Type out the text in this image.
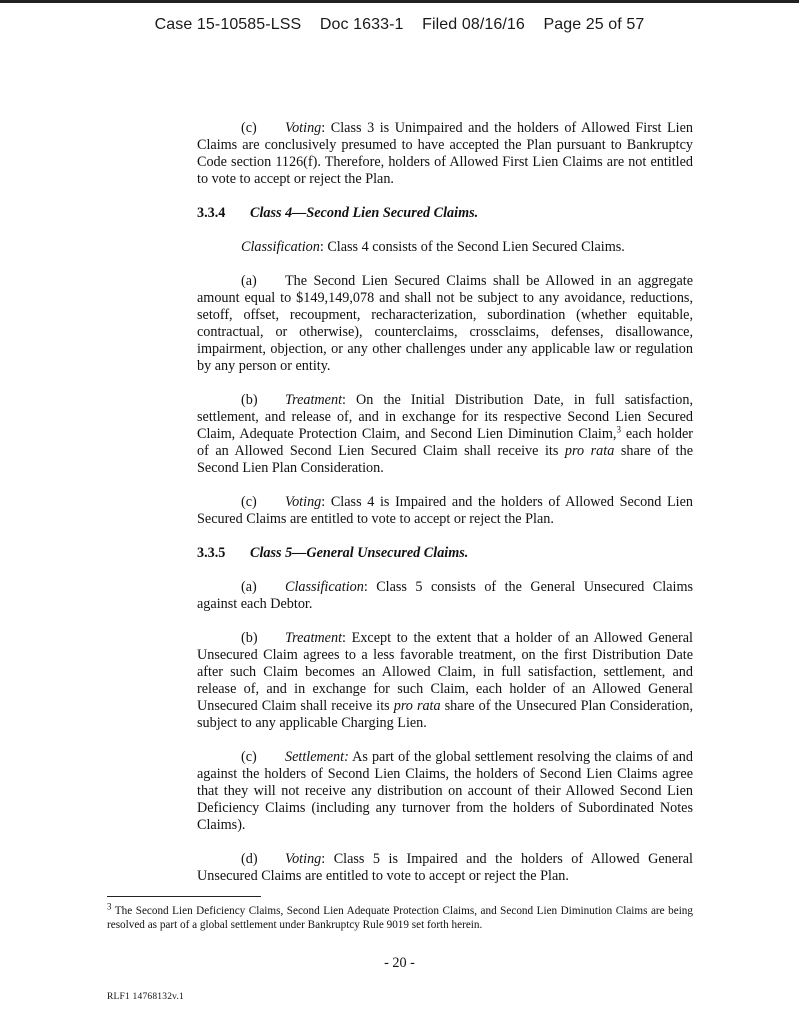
Case 15-10585-LSS Doc 1633-1 Filed 08/16/16 Page 25 of 57

(c) Voting: Class 3 is Unimpaired and the holders of Allowed First Lien Claims are conclusively presumed to have accepted the Plan pursuant to Bankruptcy Code section 1126(f). Therefore, holders of Allowed First Lien Claims are not entitled to vote to accept or reject the Plan.

3.3.4 Class 4—Second Lien Secured Claims.

Classification: Class 4 consists of the Second Lien Secured Claims.

(a) The Second Lien Secured Claims shall be Allowed in an aggregate amount equal to $149,149,078 and shall not be subject to any avoidance, reductions, setoff, offset, recoupment, recharacterization, subordination (whether equitable, contractual, or otherwise), counterclaims, crossclaims, defenses, disallowance, impairment, objection, or any other challenges under any applicable law or regulation by any person or entity.

(b) Treatment: On the Initial Distribution Date, in full satisfaction, settlement, and release of, and in exchange for its respective Second Lien Secured Claim, Adequate Protection Claim, and Second Lien Diminution Claim,$^3$ each holder of an Allowed Second Lien Secured Claim shall receive its pro rata share of the Second Lien Plan Consideration.

(c) Voting: Class 4 is Impaired and the holders of Allowed Second Lien Secured Claims are entitled to vote to accept or reject the Plan.

3.3.5 Class 5—General Unsecured Claims.

(a) Classification: Class 5 consists of the General Unsecured Claims against each Debtor.

(b) Treatment: Except to the extent that a holder of an Allowed General Unsecured Claim agrees to a less favorable treatment, on the first Distribution Date after such Claim becomes an Allowed Claim, in full satisfaction, settlement, and release of, and in exchange for such Claim, each holder of an Allowed General Unsecured Claim shall receive its pro rata share of the Unsecured Plan Consideration, subject to any applicable Charging Lien.

(c) Settlement: As part of the global settlement resolving the claims of and against the holders of Second Lien Claims, the holders of Second Lien Claims agree that they will not receive any distribution on account of their Allowed Second Lien Deficiency Claims (including any turnover from the holders of Subordinated Notes Claims).

(d) Voting: Class 5 is Impaired and the holders of Allowed General Unsecured Claims are entitled to vote to accept or reject the Plan.

$^3$ The Second Lien Deficiency Claims, Second Lien Adequate Protection Claims, and Second Lien Diminution Claims are being resolved as part of a global settlement under Bankruptcy Rule 9019 set forth herein.
- 20 -
RLF1 14768132v.1
